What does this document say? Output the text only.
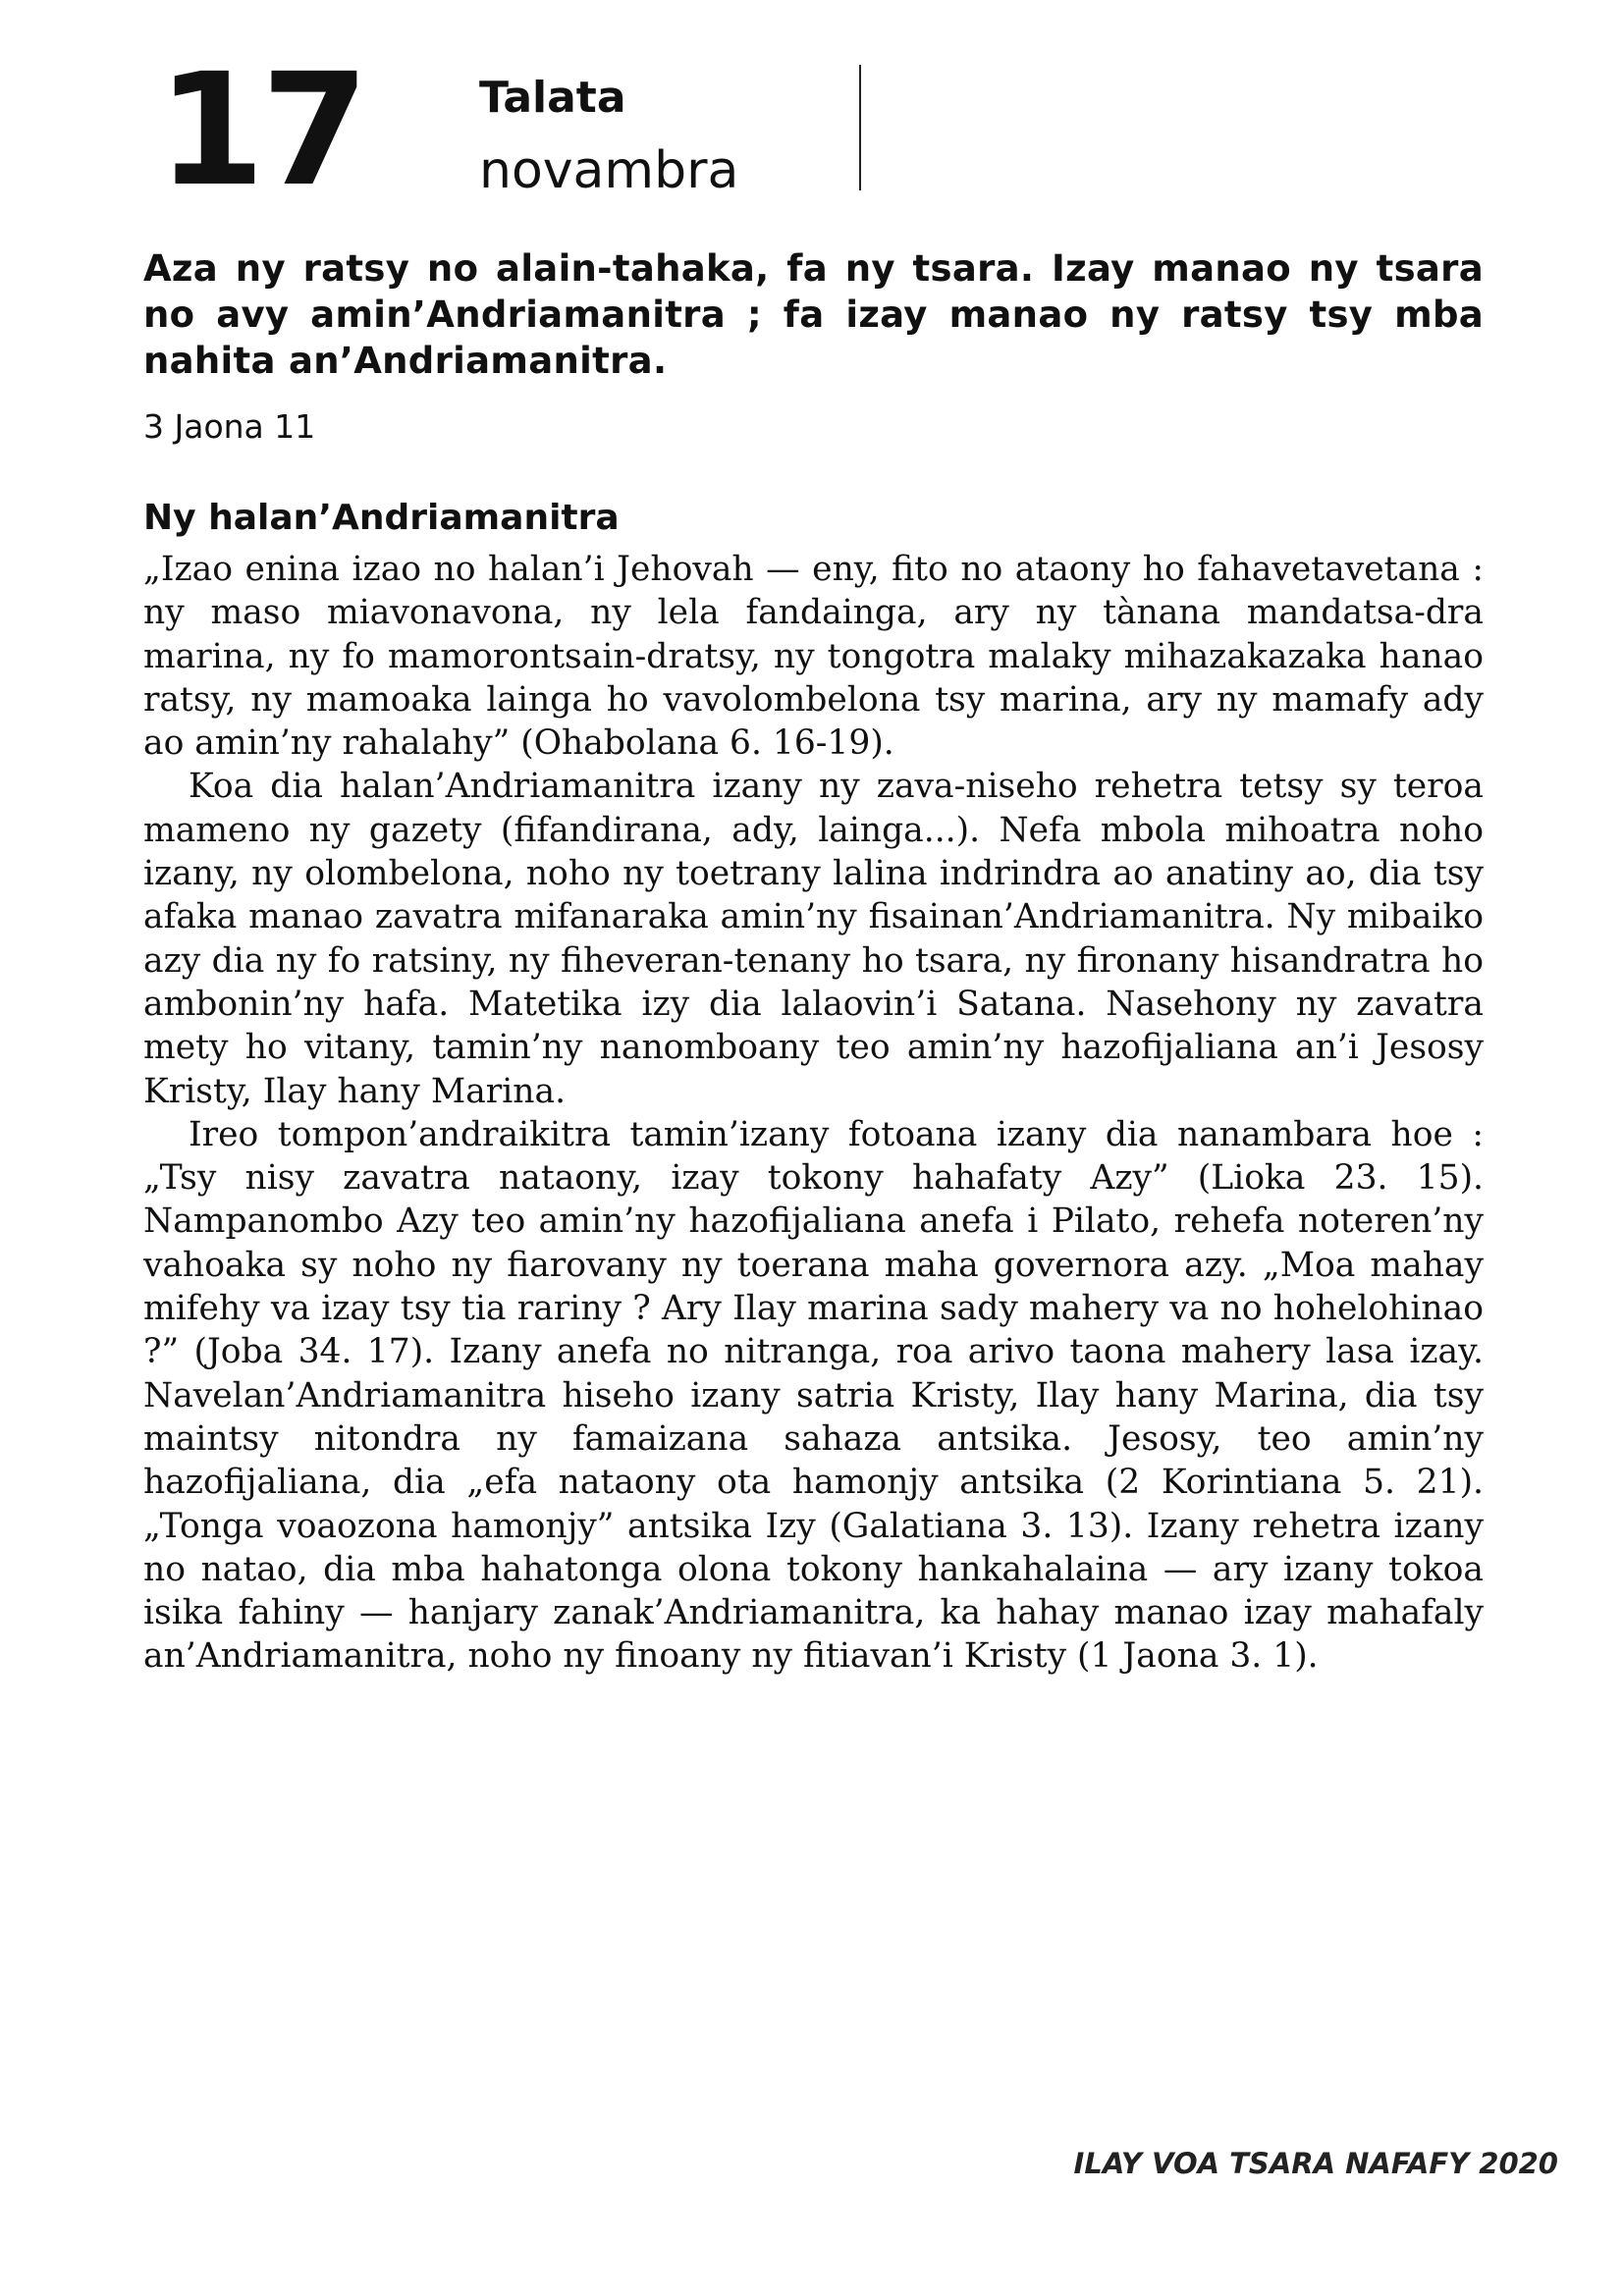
17	Talata
novambra

Aza ny ratsy no alain-tahaka, fa ny tsara. Izay manao ny tsara no avy amin’Andriamanitra ; fa izay manao ny ratsy tsy mba nahita an’Andriamanitra.

3 Jaona 11
Ny halan’Andriamanitra

„Izao enina izao no halan’i Jehovah — eny, fito no ataony ho fahavetavetana : ny maso miavonavona, ny lela fandainga, ary ny tànana mandatsa-dra marina, ny fo mamorontsain-dratsy, ny tongotra malaky mihazakazaka hanao ratsy, ny mamoaka lainga ho vavolombelona tsy marina, ary ny mamafy ady ao amin’ny rahalahy” (Ohabolana 6. 16-19).

Koa dia halan’Andriamanitra izany ny zava-niseho rehetra tetsy sy teroa mameno ny gazety (fifandirana, ady, lainga...). Nefa mbola mihoatra noho izany, ny olombelona, noho ny toetrany lalina indrindra ao anatiny ao, dia tsy afaka manao zavatra mifanaraka amin’ny fisainan’Andriamanitra. Ny mibaiko azy dia ny fo ratsiny, ny fiheveran-tenany ho tsara, ny fironany hisandratra ho ambonin’ny hafa. Matetika izy dia lalaovin’i Satana. Nasehony ny zavatra mety ho vitany, tamin’ny nanomboany teo amin’ny hazofijaliana an’i Jesosy Kristy, Ilay hany Marina.

Ireo tompon’andraikitra tamin’izany fotoana izany dia nanambara hoe : „Tsy nisy zavatra nataony, izay tokony hahafaty Azy” (Lioka 23. 15). Nampanombo Azy teo amin’ny hazofijaliana anefa i Pilato, rehefa noteren’ny vahoaka sy noho ny fiarovany ny toerana maha governora azy. „Moa mahay mifehy va izay tsy tia rariny ? Ary Ilay marina sady mahery va no hohelohinao ?” (Joba 34. 17). Izany anefa no nitranga, roa arivo taona mahery lasa izay. Navelan’Andriamanitra hiseho izany satria Kristy, Ilay hany Marina, dia tsy maintsy nitondra ny famaizana sahaza antsika. Jesosy, teo amin’ny hazofijaliana, dia „efa nataony ota hamonjy antsika (2 Korintiana 5. 21). „Tonga voaozona hamonjy” antsika Izy (Galatiana 3. 13). Izany rehetra izany no natao, dia mba hahatonga olona tokony hankahalaina — ary izany tokoa isika fahiny — hanjary zanak’Andriamanitra, ka hahay manao izay mahafaly an’Andriamanitra, noho ny finoany ny fitiavan’i Kristy (1 Jaona 3. 1).

ILAY VOA TSARA NAFAFY 2020
